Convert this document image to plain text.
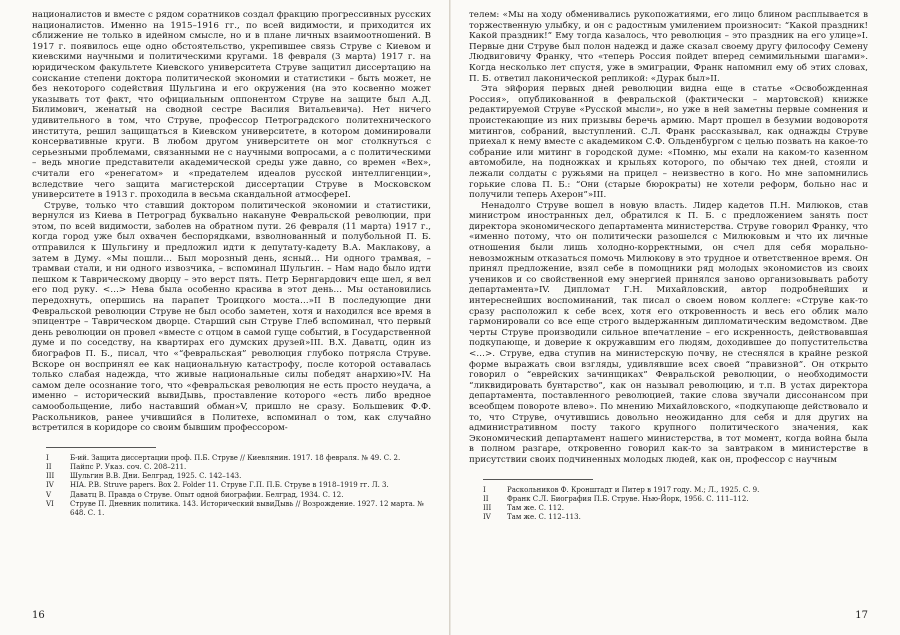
националистов и вместе с рядом соратников создал фракцию прогрессивных русских националистов. Именно на 1915–1916 гг., по всей видимости, и приходится их сближение не только в идейном смысле, но и в плане личных взаимоотношений. В 1917 г. появилось еще одно обстоятельство, укрепившее связь Струве с Киевом и киевскими научными и политическими кругами. 18 февраля (3 марта) 1917 г. на юридическом факультете Киевского университета Струве защитил диссертацию на соискание степени доктора политической экономии и статистики – быть может, не без некоторого содействия Шульгина и его окружения (на это косвенно может указывать тот факт, что официальным оппонентом Струве на защите был А.Д. Билимович, женатый на сводной сестре Василия Витальевича). Нет ничего удивительного в том, что Струве, профессор Петроградского политехнического института, решил защищаться в Киевском университете, в котором доминировали консервативные круги. В любом другом университете он мог столкнуться с серьезными проблемами, связанными не с научными вопросами, а с политическими – ведь многие представители академической среды уже давно, со времен «Вех», считали его «ренегатом» и «предателем идеалов русской интеллигенции», вследствие чего защита магистерской диссертации Струве в Московском университете в 1913 г. проходила в весьма скандальной атмосфереI.

Струве, только что ставший доктором политической экономии и статистики, вернулся из Киева в Петроград буквально накануне Февральской революции, при этом, по всей видимости, заболев на обратном пути. 26 февраля (11 марта) 1917 г., когда город уже был охвачен беспорядками, взволнованный и полубольной П. Б. отправился к Шульгину и предложил идти к депутату-кадету В.А. Маклакову, а затем в Думу. «Мы пошли… Был морозный день, ясный… Ни одного трамвая, – трамваи стали, и ни одного извозчика, – вспоминал Шульгин. – Нам надо было идти пешком к Таврическому дворцу – это верст пять. Петр Бернгардович еще шел, я вел его под руку. <…> Нева была особенно красива в этот день… Мы остановились передохнуть, опершись на парапет Троицкого моста…»II В последующие дни Февральской революции Струве не был особо заметен, хотя и находился все время в эпицентре – Таврическом дворце. Старший сын Струве Глеб вспоминал, что первый день революции он провел «вместе с отцом в самой гуще событий, в Государственной думе и по соседству, на квартирах его думских друзей»III. В.Х. Даватц, один из биографов П. Б., писал, что «“февральская” революция глубоко потрясла Струве. Вскоре он воспринял ее как национальную катастрофу, после которой оставалась только слабая надежда, что живые национальные силы победят анархию»IV. На самом деле осознание того, что «февральская революция не есть просто неудача, а именно – исторический вывиДывь, проставление которого «есть либо вредное самообольщение, либо наставший обман»V, пришло не сразу. Большевик Ф.Ф. Раскольников, ранее учившийся в Политехе, вспоминал о том, как случайно встретился в коридоре со своим бывшим профессором-

I	Б-ий. Защита диссертации проф. П.Б. Струве // Киевлянин. 1917. 18 февраля. № 49. С. 2.
II	Пайпс Р. Указ. соч. С. 208–211.
III	Шульгин В.В. Дни. Белград, 1925. С. 142–143.
IV	HIA. P.B. Struve papers. Box 2. Folder 11. Струве Г.П. П.Б. Струве в 1918–1919 гг. Л. 3.
V	Даватц В. Правда о Струве. Опыт одной биографии. Белград, 1934. С. 12.
VI	Струве П. Дневник политика. 143. Исторический вывиДывь // Возрождение. 1927. 12 марта. № 648. С. 1.
16

телем: «Мы на ходу обменивались рукопожатиями, его лицо блином расплывается в торжественную улыбку, и он с радостным умилением произносит: “Какой праздник! Какой праздник!” Ему тогда казалось, что революция – это праздник на его улице»I. Первые дни Струве был полон надежд и даже сказал своему другу философу Семену Людвиговичу Франку, что «теперь Россия пойдет вперед семимильными шагами». Когда несколько лет спустя, уже в эмиграции, Франк напомнил ему об этих словах, П. Б. ответил лаконической репликой: «Дурак был»II.

Эта эйфория первых дней революции видна еще в статье «Освобожденная Россия», опубликованной в февральской (фактически – мартовской) книжке редактируемой Струве «Русской мысли», но уже в ней заметны первые сомнения и проистекающие из них призывы беречь армию. Март прошел в безумии водоворотя митингов, собраний, выступлений. С.Л. Франк рассказывал, как однажды Струве приехал к нему вместе с академиком С.Ф. Ольденбургом с целью позвать на какое-то собрание или митинг в городской думе: «Помню, мы ехали на каком-то казенном автомобиле, на подножках и крыльях которого, по обычаю тех дней, стояли и лежали солдаты с ружьями на прицел – неизвестно в кого. Но мне запомнились горькие слова П. Б.: “Они (старые бюрократы) не хотели реформ, больно нас и получили теперь Ахерон”»III.

Ненадолго Струве вошел в новую власть. Лидер кадетов П.Н. Милюков, став министром иностранных дел, обратился к П. Б. с предложением занять пост директора экономического департамента министерства. Струве говорил Франку, что «именно потому, что он политически разошелся с Милюковым и что их личные отношения были лишь холодно-корректными, он счел для себя морально-невозможным отказаться помочь Милюкову в это трудное и ответственное время. Он принял предложение, взял себе в помощники ряд молодых экономистов из своих учеников и со свойственной ему энергией принялся заново организовывать работу департамента»IV. Дипломат Г.Н. Михайловский, автор подробнейших и интереснейших воспоминаний, так писал о своем новом коллеге: «Струве как-то сразу расположил к себе всех, хотя его откровенность и весь его облик мало гармонировали со все еще строго выдержанным дипломатическим ведомством. Две черты Струве производили сильное впечатление – его искренность, действовавшая подкупающе, и доверие к окружавшим его людям, доходившее до попустительства <…>. Струве, едва ступив на министерскую почву, не стеснялся в крайне резкой форме выражать свои взгляды, удивлявшие всех своей “правизной”. Он открыто говорил о “еврейских зачинщиках” Февральской революции, о необходимости “ликвидировать бунтарство”, как он называл революцию, и т.п. В устах директора департамента, поставленного революцией, такие слова звучали диссонансом при всеобщем повороте влево». По мнению Михайловского, «подкупающе действовало и то, что Струве, очутившись довольно неожиданно для себя и для других на административном посту такого крупного политического значения, как Экономический департамент нашего министерства, в тот момент, когда война была в полном разгаре, откровенно говорил как-то за завтраком в министерстве в присутствии своих подчиненных молодых людей, как он, профессор с научным

I	Раскольников Ф. Кронштадт и Питер в 1917 году. М.; Л., 1925. С. 9.
II	Франк С.Л. Биография П.Б. Струве. Нью-Йорк, 1956. С. 111–112.
III	Там же. С. 112.
IV	Там же. С. 112–113.
17
